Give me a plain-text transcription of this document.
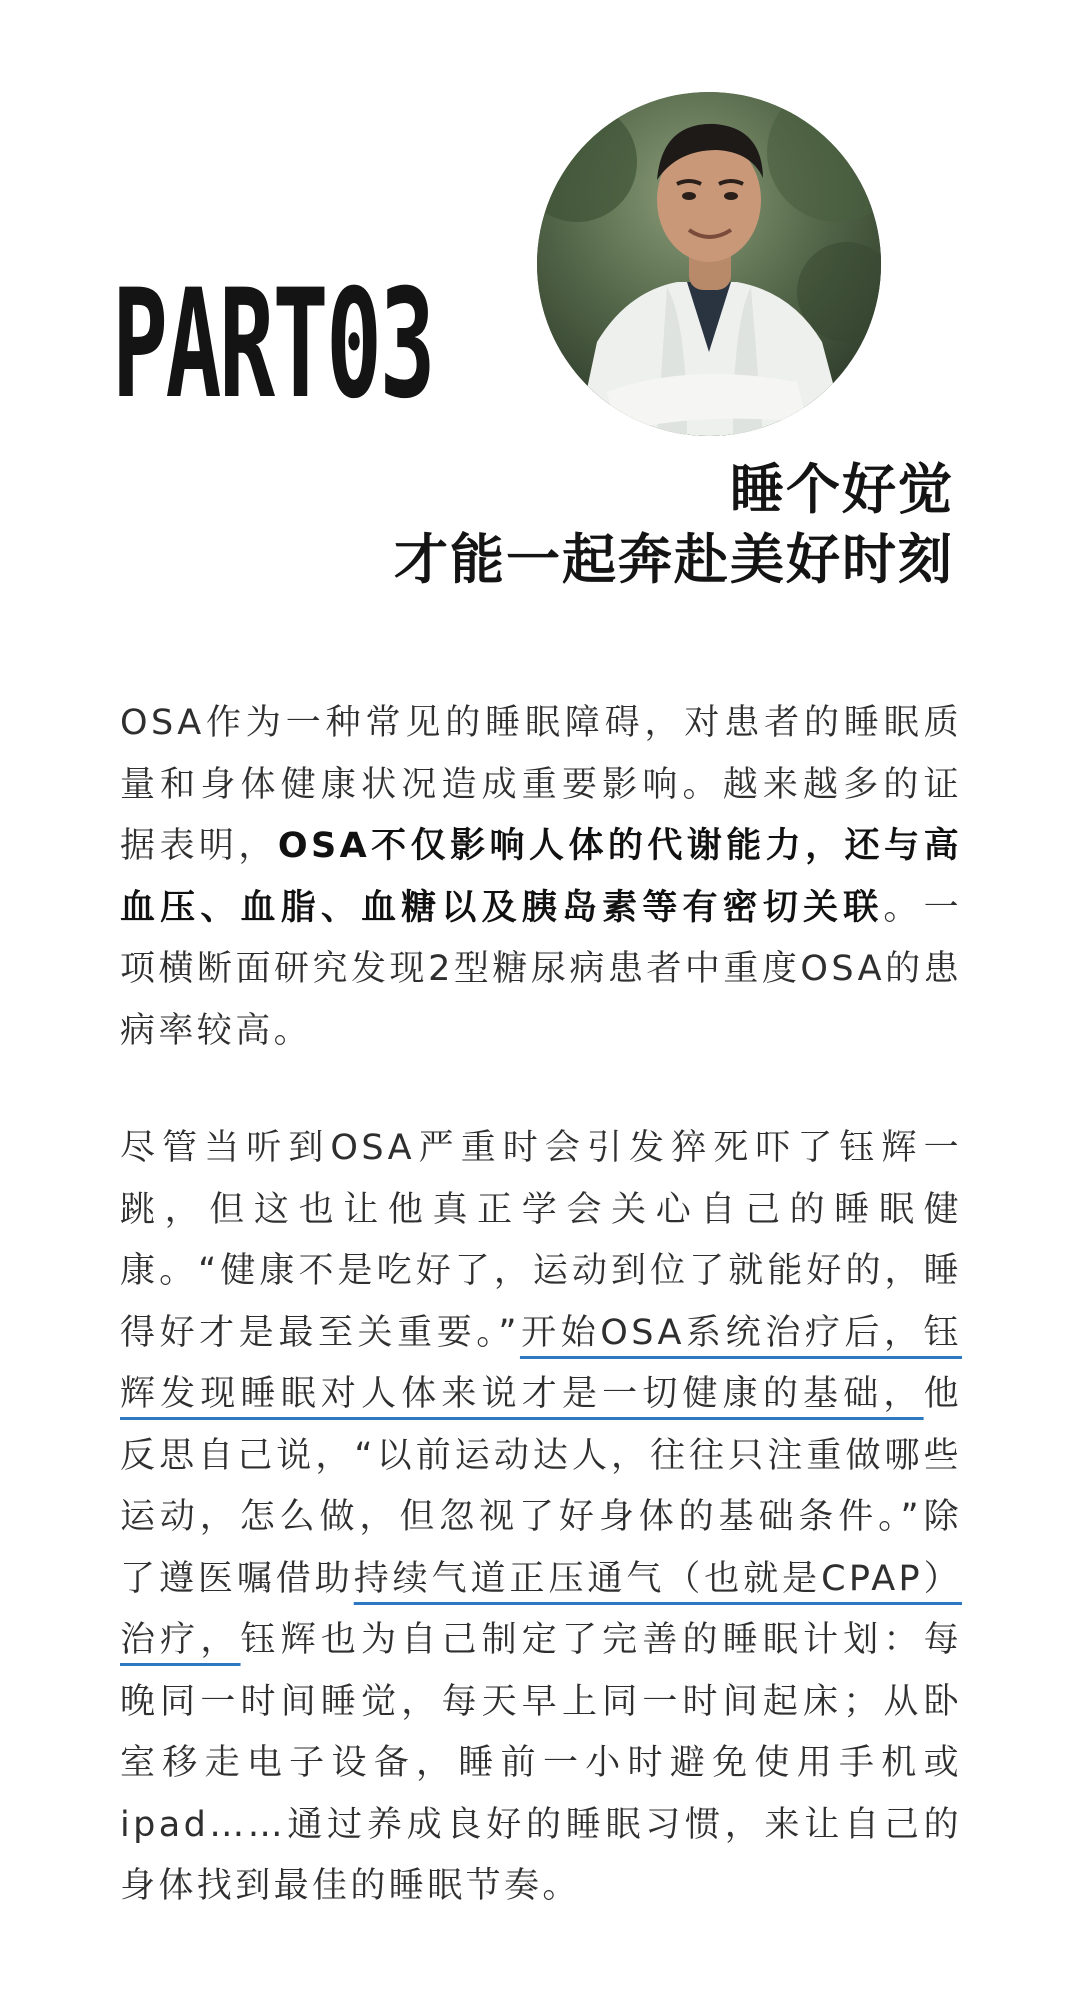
PART03
睡个好觉
才能一起奔赴美好时刻

OSA作为一种常见的睡眠障碍，对患者的睡眠质量和身体健康状况造成重要影响。越来越多的证据表明，OSA不仅影响人体的代谢能力，还与高血压、血脂、血糖以及胰岛素等有密切关联。一项横断面研究发现2型糖尿病患者中重度OSA的患病率较高。

尽管当听到OSA严重时会引发猝死吓了钰辉一跳，但这也让他真正学会关心自己的睡眠健康。“健康不是吃好了，运动到位了就能好的，睡得好才是最至关重要。”开始OSA系统治疗后，钰辉发现睡眠对人体来说才是一切健康的基础，他反思自己说，“以前运动达人，往往只注重做哪些运动，怎么做，但忽视了好身体的基础条件。”除了遵医嘱借助持续气道正压通气（也就是CPAP）治疗，钰辉也为自己制定了完善的睡眠计划：每晚同一时间睡觉，每天早上同一时间起床；从卧室移走电子设备，睡前一小时避免使用手机或ipad……通过养成良好的睡眠习惯，来让自己的身体找到最佳的睡眠节奏。
